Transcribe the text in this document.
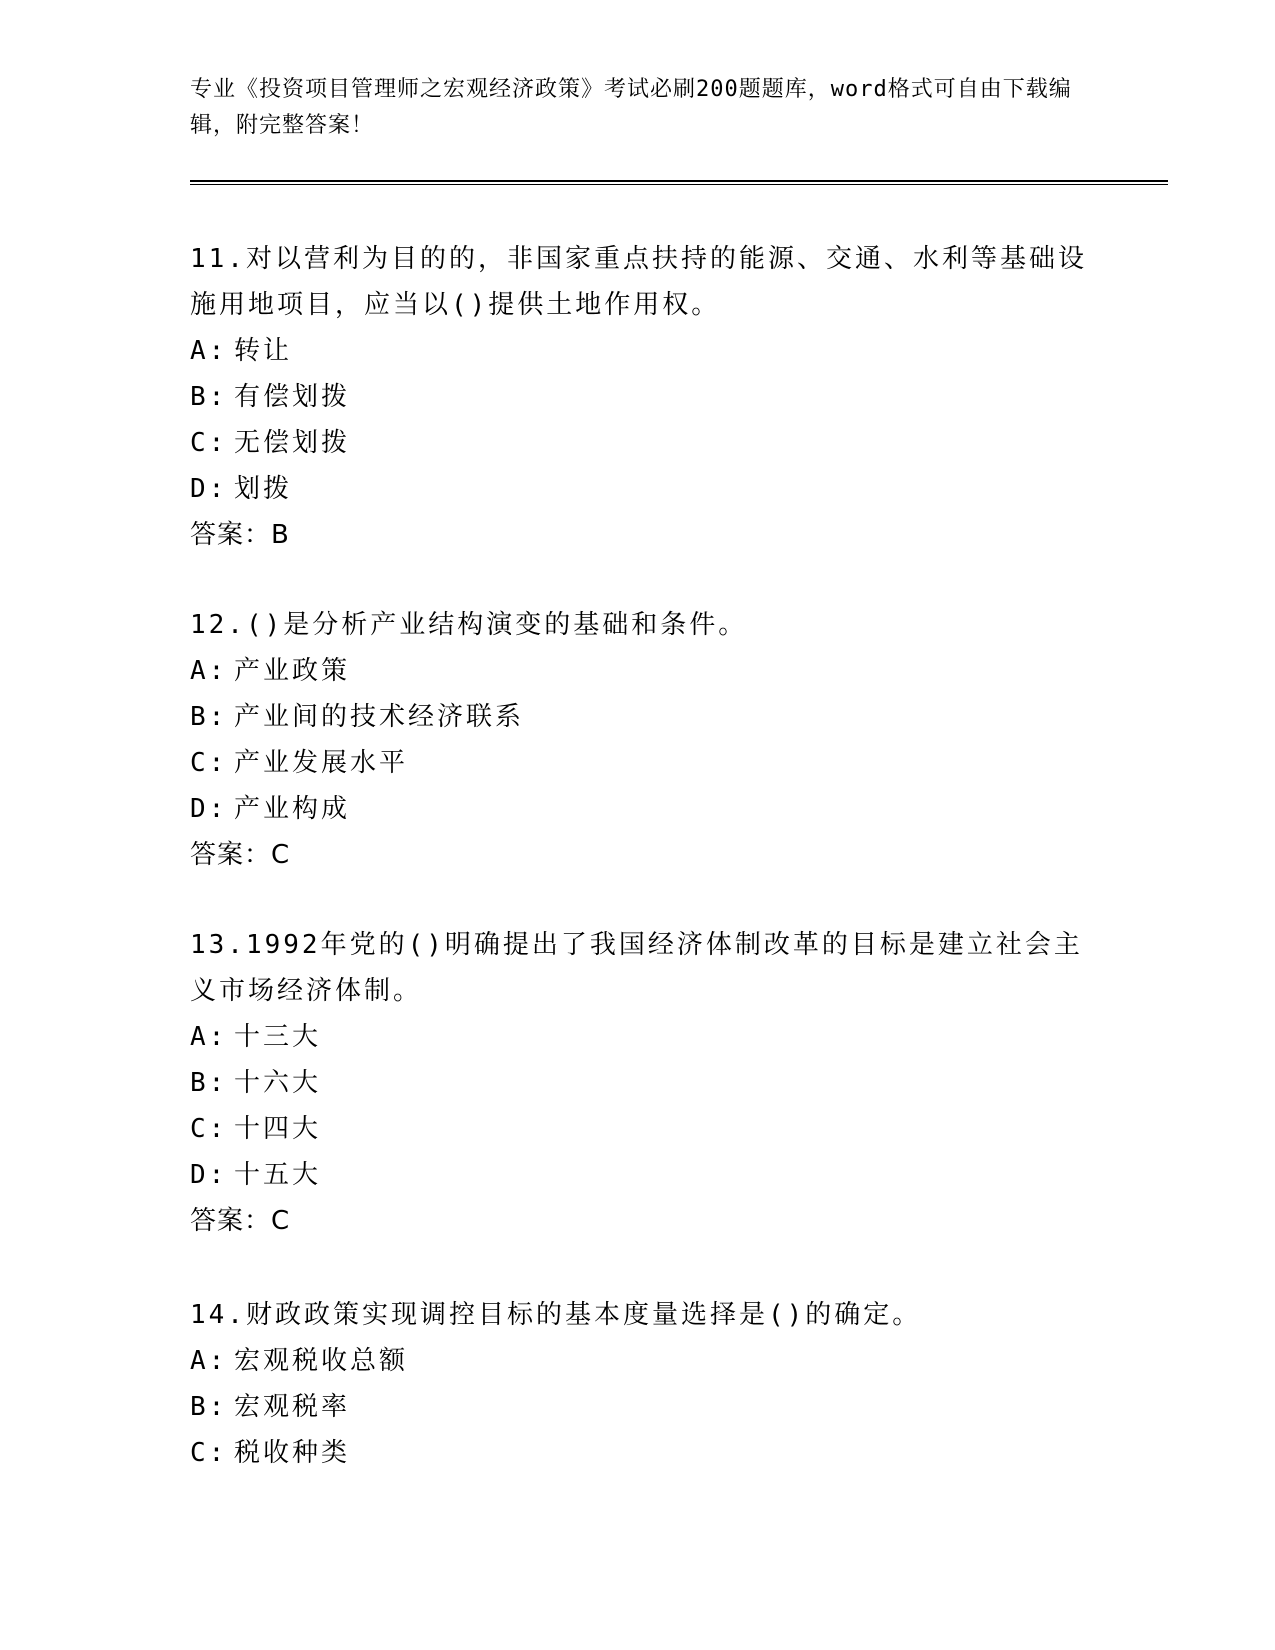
专业《投资项目管理师之宏观经济政策》考试必刷200题题库，word格式可自由下载编辑，附完整答案！

11.对以营利为目的的，非国家重点扶持的能源、交通、水利等基础设施用地项目，应当以()提供土地作用权。

A: 转让

B: 有偿划拨

C: 无偿划拨

D: 划拨

答案：B

12.()是分析产业结构演变的基础和条件。

A: 产业政策

B: 产业间的技术经济联系

C: 产业发展水平

D: 产业构成

答案：C

13.1992年党的()明确提出了我国经济体制改革的目标是建立社会主义市场经济体制。

A: 十三大

B: 十六大

C: 十四大

D: 十五大

答案：C

14.财政政策实现调控目标的基本度量选择是()的确定。

A: 宏观税收总额

B: 宏观税率

C: 税收种类
